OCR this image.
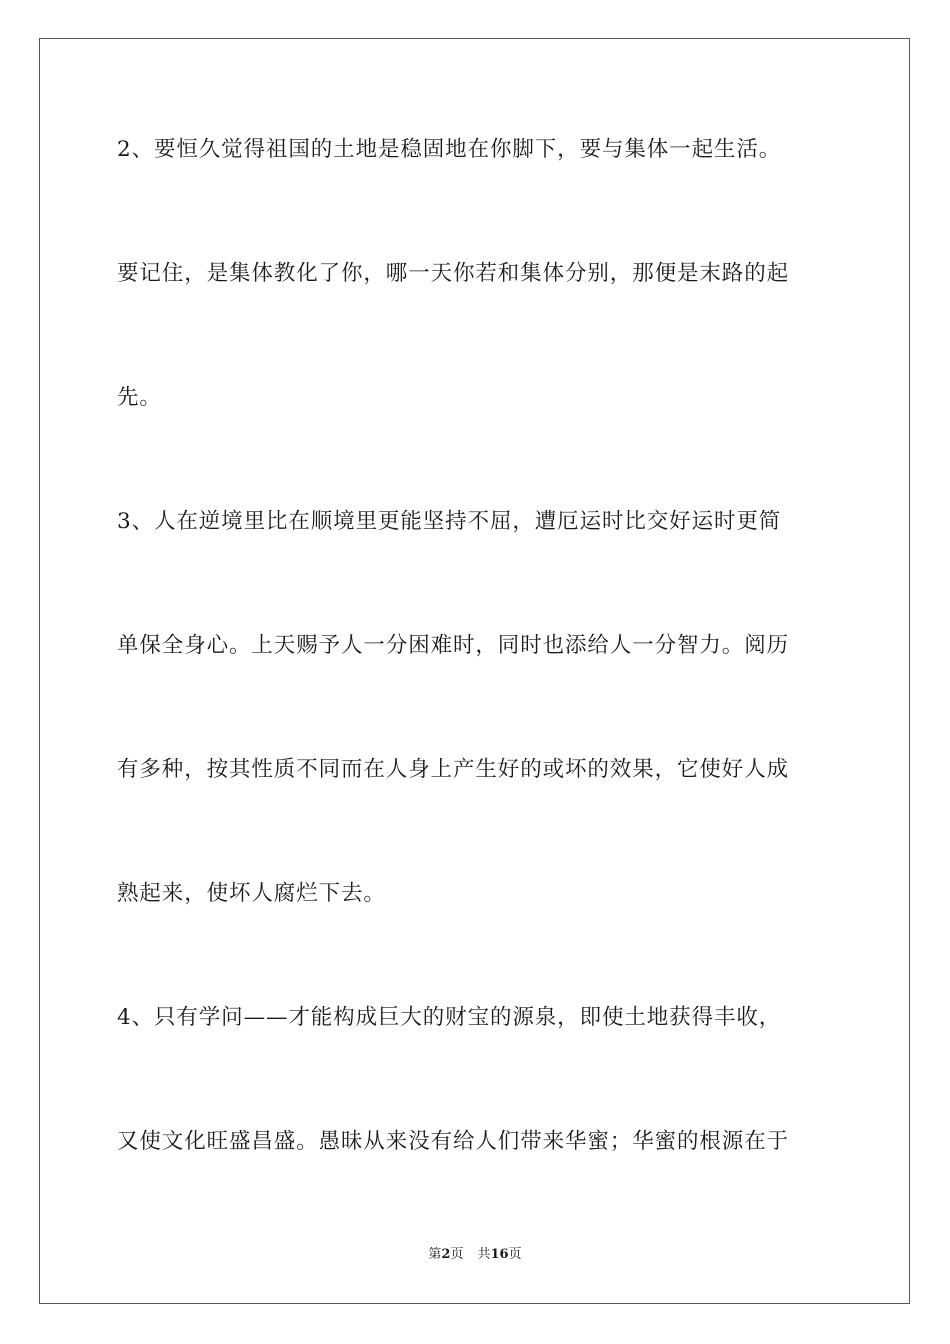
2、要恒久觉得祖国的土地是稳固地在你脚下，要与集体一起生活。
要记住，是集体教化了你，哪一天你若和集体分别，那便是末路的起
先。
3、人在逆境里比在顺境里更能坚持不屈，遭厄运时比交好运时更简
单保全身心。上天赐予人一分困难时，同时也添给人一分智力。阅历
有多种，按其性质不同而在人身上产生好的或坏的效果，它使好人成
熟起来，使坏人腐烂下去。
4、只有学问——才能构成巨大的财宝的源泉，即使土地获得丰收，
又使文化旺盛昌盛。愚昧从来没有给人们带来华蜜；华蜜的根源在于
第2页 共16页
